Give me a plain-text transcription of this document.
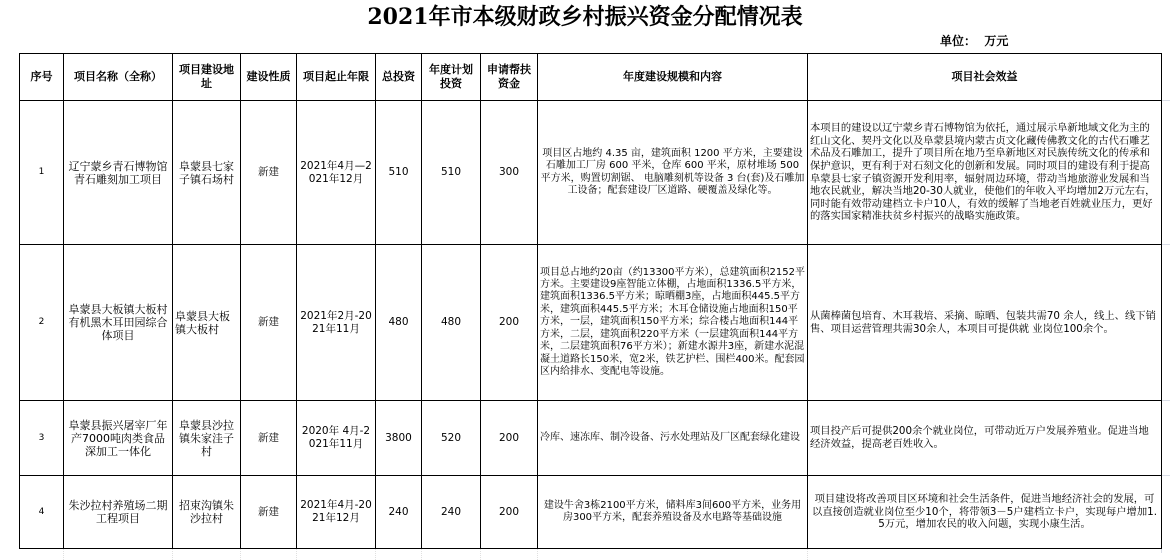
2021年市本级财政乡村振兴资金分配情况表
单位：  万元
序号	项目名称（全称）	项目建设地址	建设性质	项目起止年限	总投资	年度计划投资	申请帮扶资金	年度建设规模和内容	项目社会效益
1	辽宁蒙乡青石博物馆青石雕刻加工项目	阜蒙县七家子镇石场村	新建	2021年4月—2021年12月	510	510	300	项目区占地约 4.35 亩，建筑面积 1200 平方米，主要建设石雕加工厂房 600 平米，仓库 600 平米，原材堆场 500 平方米，购置切割锯、 电脑雕刻机等设备 3 台(套)及石雕加工设备；配套建设厂区道路、硬覆盖及绿化等。	本项目的建设以辽宁蒙乡青石博物馆为依托，通过展示阜新地域文化为主的红山文化、契丹文化以及阜蒙县境内蒙古贞文化藏传佛教文化的古代石雕艺术品及石雕加工，提升了项目所在地乃至阜新地区对民族传统文化的传承和保护意识，更有利于对石刻文化的创新和发展。同时项目的建设有利于提高阜蒙县七家子镇资源开发利用率，辐射周边环境，带动当地旅游业发展和当地农民就业，解决当地20-30人就业，使他们的年收入平均增加2万元左右，同时能有效带动建档立卡户10人，有效的缓解了当地老百姓就业压力，更好的落实国家精准扶贫乡村振兴的战略实施政策。
2	阜蒙县大板镇大板村有机黑木耳田园综合体项目	阜蒙县大板镇大板村	新建	2021年2月-2021年11月	480	480	200	项目总占地约20亩（约13300平方米），总建筑面积2152平方米。主要建设9座智能立体棚，占地面积1336.5平方米，建筑面积1336.5平方米；晾晒棚3座，占地面积445.5平方米，建筑面积445.5平方米；木耳仓储设施占地面积150平方米，一层，建筑面积150平方米；综合楼占地面积144平方米，二层，建筑面积220平方米（一层建筑面积144平方米，二层建筑面积76平方米）；新建水源井3座，新建水泥混凝土道路长150米，宽2米，铁艺护栏、围栏400米。配套园区内给排水、变配电等设施。	从菌棒菌包培育、木耳栽培、采摘、晾晒、包装共需70 余人，线上、线下销售、项目运营管理共需30余人，本项目可提供就 业岗位100余个。
3	阜蒙县振兴屠宰厂年产7000吨肉类食品深加工一体化	阜蒙县沙拉镇朱家洼子村	新建	2020年 4月-2021年11月	3800	520	200	冷库、速冻库、制冷设备、污水处理站及厂区配套绿化建设	项目投产后可提供200余个就业岗位，可带动近万户发展养殖业。促进当地经济效益，提高老百姓收入。
4	朱沙拉村养殖场二期工程项目	招束沟镇朱沙拉村	新建	2021年4月-2021年12月	240	240	200	建设牛舍3栋2100平方米，储料库3间600平方米，业务用房300平方米，配套养殖设备及水电路等基础设施	项目建设将改善项目区环境和社会生活条件，促进当地经济社会的发展，可以直接创造就业岗位至少10个，将带领3－5户建档立卡户，实现每户增加1.5万元，增加农民的收入问题，实现小康生活。
